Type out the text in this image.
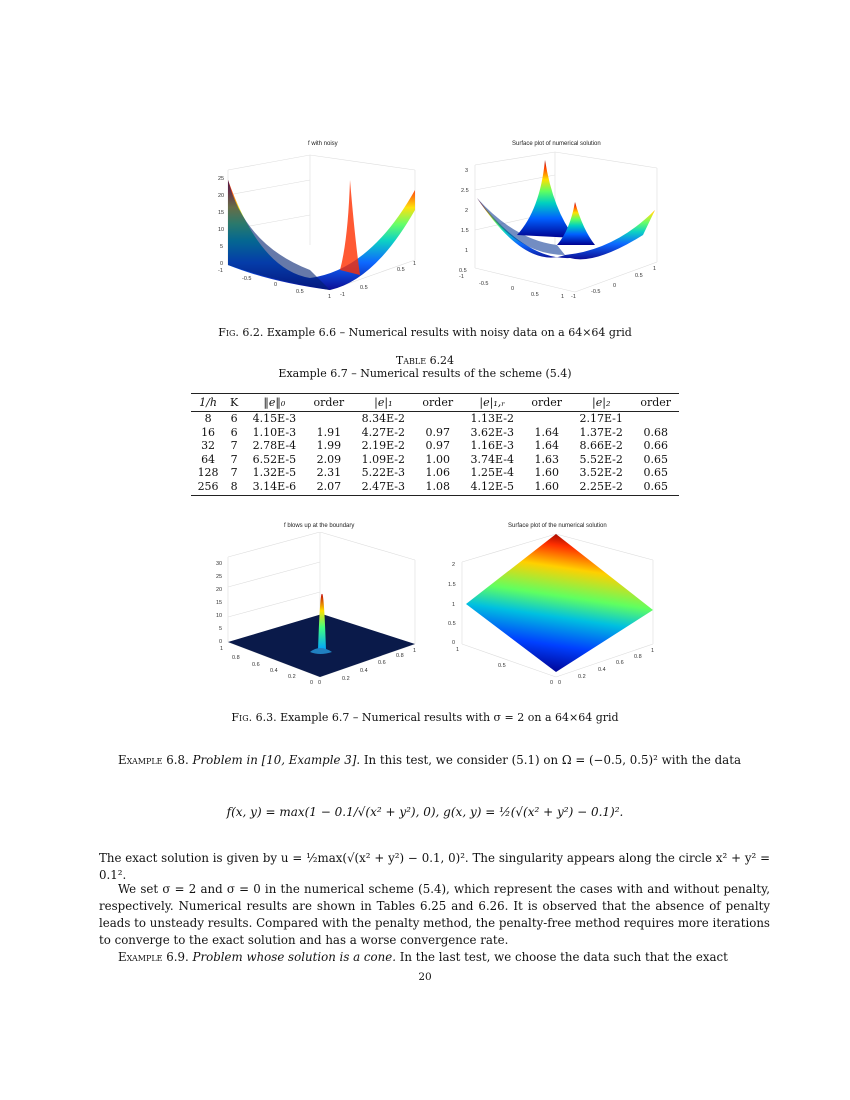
f with noisy
25
20
15
10
5
0
-1
-0.5
0
0.5
1 -1
0.5
0.5
1
Surface plot of numerical solution
3
2.5
2
1.5
1
0.5
-1
-0.5
0
0.5	1 -1
-0.5
0
0.5
1
Fig. 6.2. Example 6.6 – Numerical results with noisy data on a 64×64 grid
Table 6.24
Example 6.7 – Numerical results of the scheme (5.4)
1/h	K	‖e‖₀	order	|e|₁	order	|e|₁,ᵣ	order	|e|₂	order
8	6	4.15E-3		8.34E-2		1.13E-2		2.17E-1	
16	6	1.10E-3	1.91	4.27E-2	0.97	3.62E-3	1.64	1.37E-2	0.68
32	7	2.78E-4	1.99	2.19E-2	0.97	1.16E-3	1.64	8.66E-2	0.66
64	7	6.52E-5	2.09	1.09E-2	1.00	3.74E-4	1.63	5.52E-2	0.65
128	7	1.32E-5	2.31	5.22E-3	1.06	1.25E-4	1.60	3.52E-2	0.65
256	8	3.14E-6	2.07	2.47E-3	1.08	4.12E-5	1.60	2.25E-2	0.65
f blows up at the boundary
30
25
20
15
10
5
0
1
0.8
0.6
0.4
0.2
0 0
0.2
0.4
0.6
0.8
1
Surface plot of the numerical solution
2
1.5
1
0.5
0
1
0.5
0 0
0.2
0.4
0.6
0.8
1
Fig. 6.3. Example 6.7 – Numerical results with σ = 2 on a 64×64 grid
Example 6.8. Problem in [10, Example 3]. In this test, we consider (5.1) on Ω = (−0.5, 0.5)² with the data
f(x, y) = max(1 − 0.1/√(x² + y²), 0), g(x, y) = ½(√(x² + y²) − 0.1)².
The exact solution is given by u = ½max(√(x² + y²) − 0.1, 0)². The singularity appears along the circle x² + y² = 0.1².
We set σ = 2 and σ = 0 in the numerical scheme (5.4), which represent the cases with and without penalty, respectively. Numerical results are shown in Tables 6.25 and 6.26. It is observed that the absence of penalty leads to unsteady results. Compared with the penalty method, the penalty-free method requires more iterations to converge to the exact solution and has a worse convergence rate.
Example 6.9. Problem whose solution is a cone. In the last test, we choose the data such that the exact
20
